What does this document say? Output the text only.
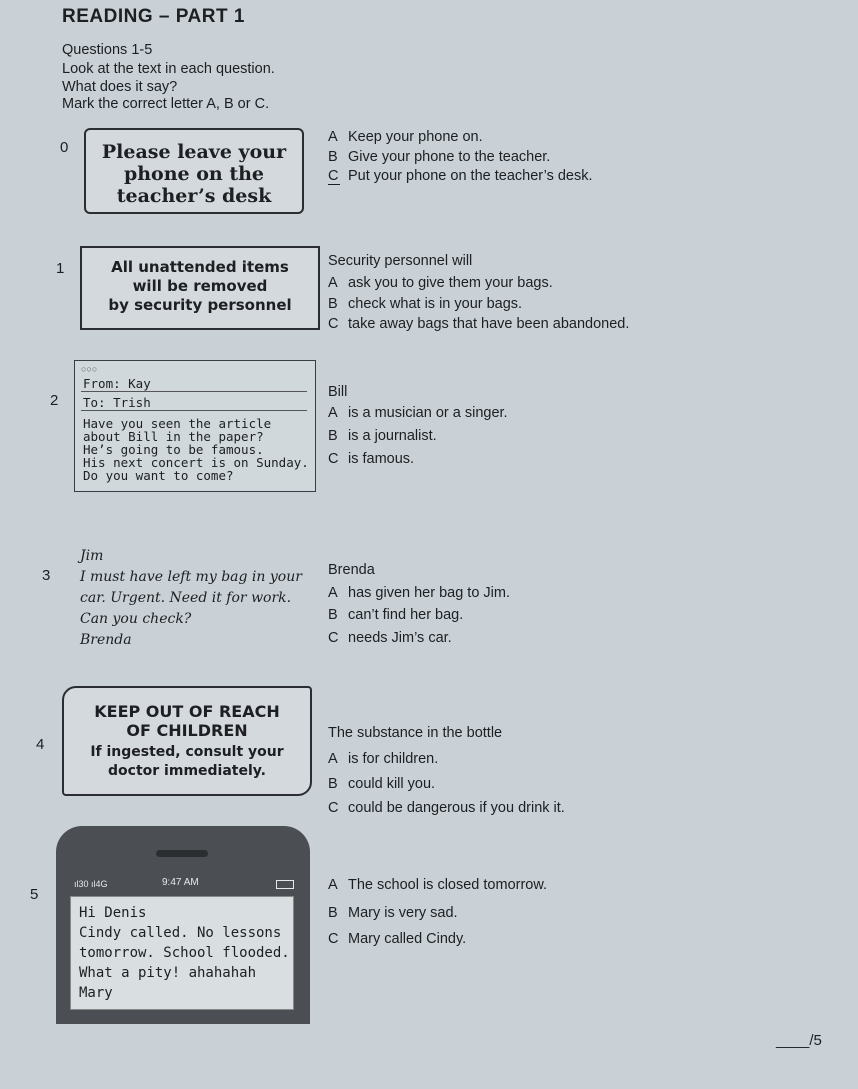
READING – PART 1
Questions 1-5
Look at the text in each question.
What does it say?
Mark the correct letter A, B or C.
0	Please leave your
phone on the
teacher’s desk
A Keep your phone on.
B Give your phone to the teacher.
C Put your phone on the teacher’s desk.
1	All unattended items
will be removed
by security personnel
Security personnel will
A ask you to give them your bags.
B check what is in your bags.
C take away bags that have been abandoned.
2
○○○
From: Kay
To: Trish
Have you seen the article
about Bill in the paper?
He’s going to be famous.
His next concert is on Sunday.
Do you want to come?
Bill
A is a musician or a singer.
B is a journalist.
C is famous.
3
Jim
I must have left my bag in your
car. Urgent. Need it for work.
Can you check?
Brenda
Brenda
A has given her bag to Jim.
B can’t find her bag.
C needs Jim’s car.
4
KEEP OUT OF REACH
OF CHILDREN
If ingested, consult your
doctor immediately.
The substance in the bottle
A is for children.
B could kill you.
C could be dangerous if you drink it.
5
ıl30 ıl4G	9:47 AM
Hi Denis
Cindy called. No lessons
tomorrow. School flooded.
What a pity! ahahahah
Mary
A The school is closed tomorrow.
B Mary is very sad.
C Mary called Cindy.
____/5
